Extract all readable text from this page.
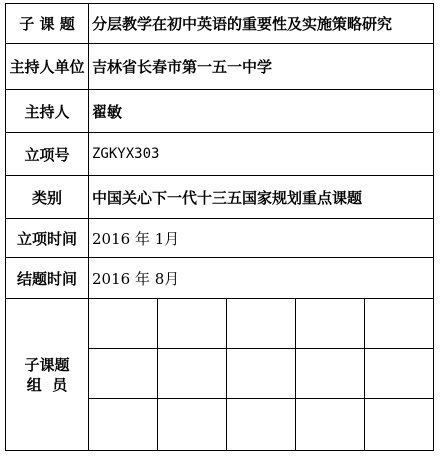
子 课 题	分层教学在初中英语的重要性及实施策略研究				
主持人单位	吉林省长春市第一五一中学				
主持人	翟敏				
立项号	ZGKYX303				
类别	中国关心下一代十三五国家规划重点课题				
立项时间	2016 年 1月				
结题时间	2016 年 8月				
子课题
组  员					
